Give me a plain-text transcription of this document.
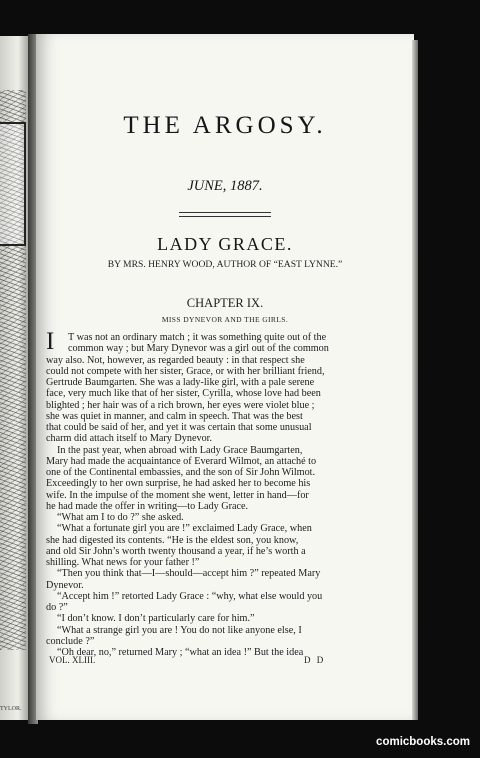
TYLOR.
THE ARGOSY.
JUNE, 1887.
LADY GRACE.
BY MRS. HENRY WOOD, AUTHOR OF “EAST LYNNE.”
CHAPTER IX.
MISS DYNEVOR AND THE GIRLS.
I T was not an ordinary match ; it was something quite out of the
common way ; but Mary Dynevor was a girl out of the common
way also. Not, however, as regarded beauty : in that respect she
could not compete with her sister, Grace, or with her brilliant friend,
Gertrude Baumgarten. She was a lady-like girl, with a pale serene
face, very much like that of her sister, Cyrilla, whose love had been
blighted ; her hair was of a rich brown, her eyes were violet blue ;
she was quiet in manner, and calm in speech. That was the best
that could be said of her, and yet it was certain that some unusual
charm did attach itself to Mary Dynevor.
In the past year, when abroad with Lady Grace Baumgarten,
Mary had made the acquaintance of Everard Wilmot, an attaché to
one of the Continental embassies, and the son of Sir John Wilmot.
Exceedingly to her own surprise, he had asked her to become his
wife. In the impulse of the moment she went, letter in hand—for
he had made the offer in writing—to Lady Grace.
“What am I to do ?” she asked.
“What a fortunate girl you are !” exclaimed Lady Grace, when
she had digested its contents. “He is the eldest son, you know,
and old Sir John’s worth twenty thousand a year, if he’s worth a
shilling. What news for your father !”
“Then you think that—I—should—accept him ?” repeated Mary
Dynevor.
“Accept him !” retorted Lady Grace : “why, what else would you
do ?”
“I don’t know. I don’t particularly care for him.”
“What a strange girl you are ! You do not like anyone else, I
conclude ?”
“Oh dear, no,” returned Mary ; “what an idea !” But the idea
VOL. XLIII.	D D
comicbooks.com
